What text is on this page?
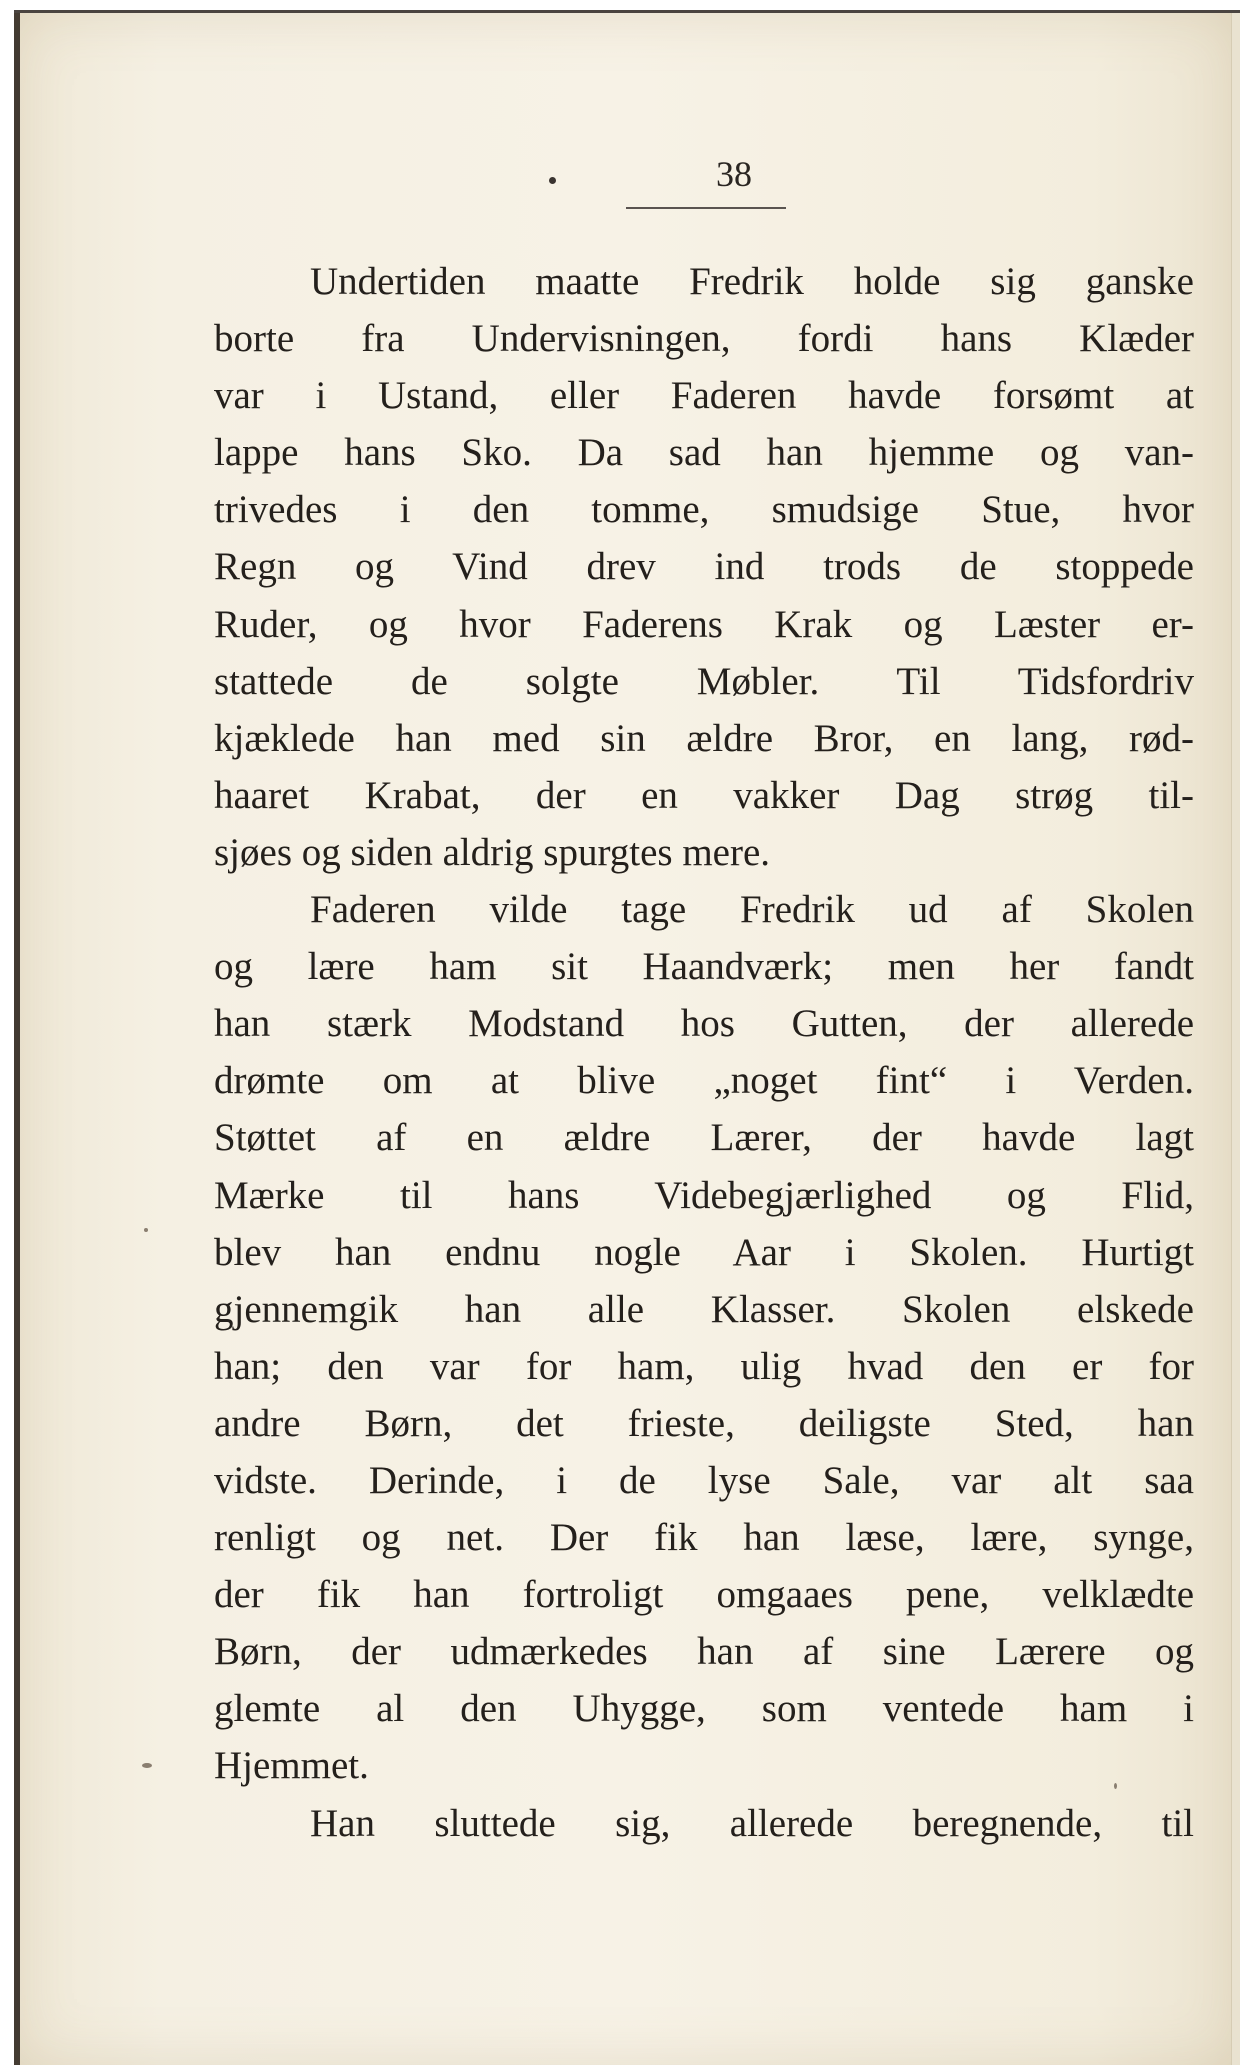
38
Undertiden maatte Fredrik holde sig ganske
borte fra Undervisningen, fordi hans Klæder
var i Ustand, eller Faderen havde forsømt at
lappe hans Sko. Da sad han hjemme og van-
trivedes i den tomme, smudsige Stue, hvor
Regn og Vind drev ind trods de stoppede
Ruder, og hvor Faderens Krak og Læster er-
stattede de solgte Møbler. Til Tidsfordriv
kjæklede han med sin ældre Bror, en lang, rød-
haaret Krabat, der en vakker Dag strøg til-
sjøes og siden aldrig spurgtes mere.
Faderen vilde tage Fredrik ud af Skolen
og lære ham sit Haandværk; men her fandt
han stærk Modstand hos Gutten, der allerede
drømte om at blive „noget fint“ i Verden.
Støttet af en ældre Lærer, der havde lagt
Mærke til hans Videbegjærlighed og Flid,
blev han endnu nogle Aar i Skolen. Hurtigt
gjennemgik han alle Klasser. Skolen elskede
han; den var for ham, ulig hvad den er for
andre Børn, det frieste, deiligste Sted, han
vidste. Derinde, i de lyse Sale, var alt saa
renligt og net. Der fik han læse, lære, synge,
der fik han fortroligt omgaaes pene, velklædte
Børn, der udmærkedes han af sine Lærere og
glemte al den Uhygge, som ventede ham i
Hjemmet.
Han sluttede sig, allerede beregnende, til
